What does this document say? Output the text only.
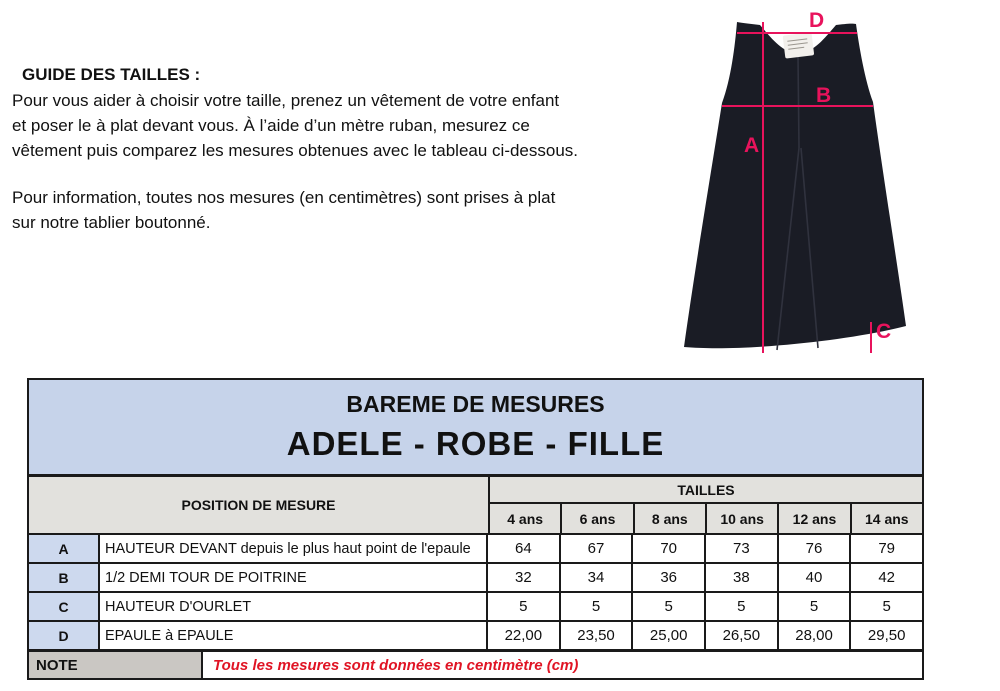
GUIDE DES TAILLES :
Pour vous aider à choisir votre taille, prenez un vêtement de votre enfant
et poser le à plat devant vous. À l’aide d’un mètre ruban, mesurez ce
vêtement puis comparez les mesures obtenues avec le tableau ci-dessous.
Pour information, toutes nos mesures (en centimètres) sont prises à plat
sur notre tablier boutonné.
D
B
A
C
BAREME DE MESURES
ADELE - ROBE - FILLE
POSITION DE MESURE
TAILLES
4 ans	6 ans	8 ans	10 ans	12 ans	14 ans
A	HAUTEUR DEVANT depuis le plus haut point de l'epaule	64	67	70	73	76	79
B	1/2 DEMI TOUR DE POITRINE	32	34	36	38	40	42
C	HAUTEUR D'OURLET	5	5	5	5	5	5
D	EPAULE à EPAULE	22,00	23,50	25,00	26,50	28,00	29,50
NOTE	Tous les mesures sont données en centimètre (cm)
